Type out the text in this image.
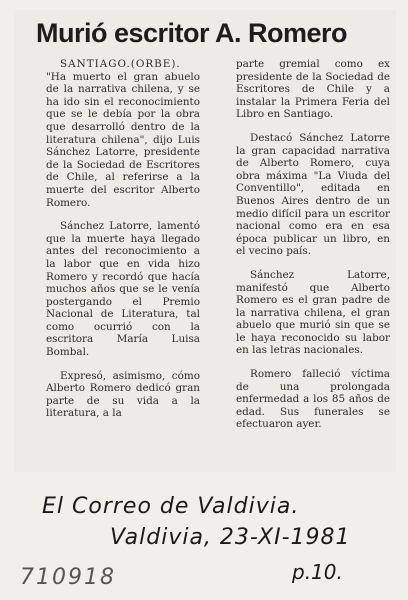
Murió escritor A. Romero

SANTIAGO.(ORBE). "Ha muerto el gran abuelo de la narrativa chilena, y se ha ido sin el reconocimiento que se le debía por la obra que desarrolló dentro de la literatura chilena", dijo Luis Sánchez Latorre, presidente de la Sociedad de Escritores de Chile, al referirse a la muerte del escritor Alberto Romero.

Sánchez Latorre, lamentó que la muerte haya llegado antes del reconocimiento a la labor que en vida hizo Romero y recordó que hacía muchos años que se le venía postergando el Premio Nacional de Literatura, tal como ocurrió con la escritora María Luisa Bombal.

Expresó, asimismo, cómo Alberto Romero dedicó gran parte de su vida a la literatura, a la

parte gremial como ex presidente de la Sociedad de Escritores de Chile y a instalar la Primera Feria del Libro en Santiago.

Destacó Sánchez Latorre la gran capacidad narrativa de Alberto Romero, cuya obra máxima "La Viuda del Conventillo", editada en Buenos Aires dentro de un medio difícil para un escritor nacional como era en esa época publicar un libro, en el vecino país.

Sánchez Latorre, manifestó que Alberto Romero es el gran padre de la narrativa chilena, el gran abuelo que murió sin que se le haya reconocido su labor en las letras nacionales.

Romero falleció víctima de una prolongada enfermedad a los 85 años de edad. Sus funerales se efectuaron ayer.

El Correo de Valdivia.
Valdivia, 23-XI-1981
710918	p.10.
